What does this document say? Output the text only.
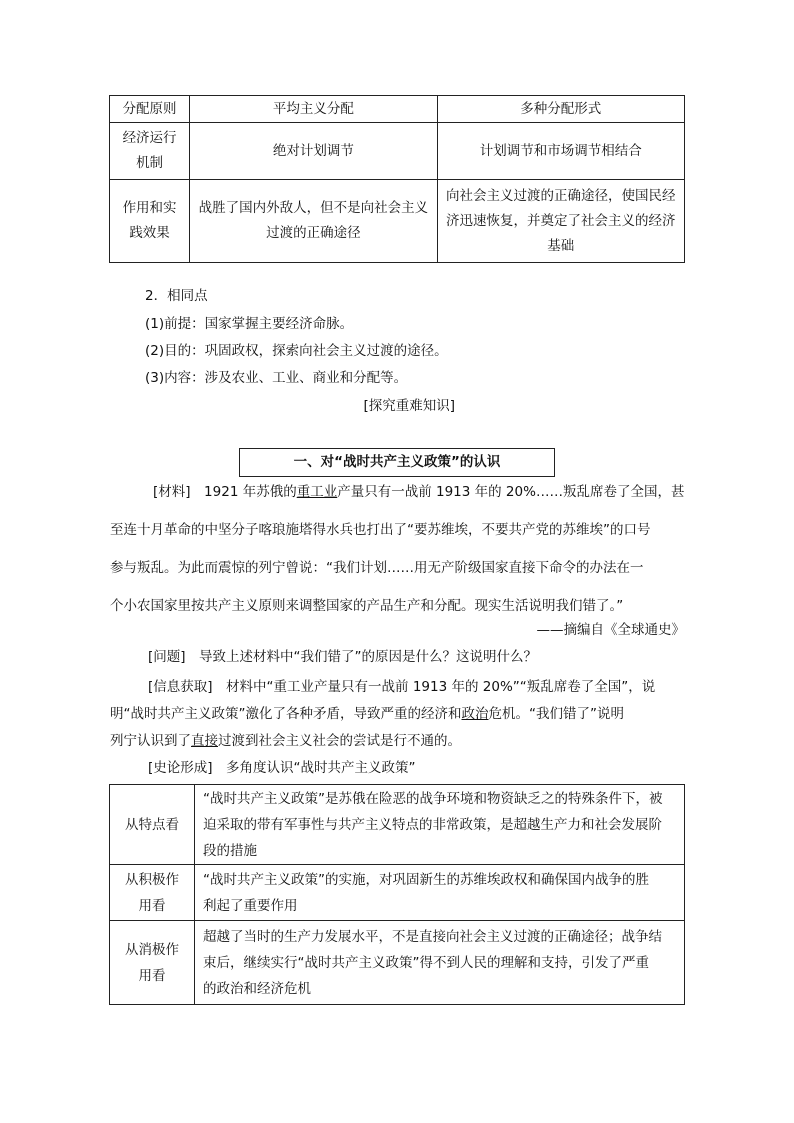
分配原则	平均主义分配	多种分配形式

经济运行
机制	绝对计划调节	计划调节和市场调节相结合

作用和实
践效果	战胜了国内外敌人，但不是向社会主义
过渡的正确途径	向社会主义过渡的正确途径，使国民经
济迅速恢复，并奠定了社会主义的经济
基础
2．相同点
(1)前提：国家掌握主要经济命脉。
(2)目的：巩固政权，探索向社会主义过渡的途径。
(3)内容：涉及农业、工业、商业和分配等。
[探究重难知识]
一、对“战时共产主义政策”的认识
[材料]　 1921 年苏俄的重工业产量只有一战前 1913 年的 20%……叛乱席卷了全国，甚
至连十月革命的中坚分子喀琅施塔得水兵也打出了“要苏维埃，不要共产党的苏维埃”的口号
参与叛乱。为此而震惊的列宁曾说：“我们计划……用无产阶级国家直接下命令的办法在一
个小农国家里按共产主义原则来调整国家的产品生产和分配。现实生活说明我们错了。”
——摘编自《全球通史》
[问题]　 导致上述材料中“我们错了”的原因是什么？这说明什么？
[信息获取]　 材料中“重工业产量只有一战前 1913 年的 20%”“叛乱席卷了全国”，说
明“战时共产主义政策”激化了各种矛盾，导致严重的经济和政治危机。“我们错了”说明
列宁认识到了直接过渡到社会主义社会的尝试是行不通的。
[史论形成]　 多角度认识“战时共产主义政策”
从特点看	“战时共产主义政策”是苏俄在险恶的战争环境和物资缺乏之的特殊条件下，被
迫采取的带有军事性与共产主义特点的非常政策，是超越生产力和社会发展阶
段的措施

从积极作
用看	“战时共产主义政策”的实施，对巩固新生的苏维埃政权和确保国内战争的胜
利起了重要作用

从消极作
用看	超越了当时的生产力发展水平，不是直接向社会主义过渡的正确途径；战争结
束后，继续实行“战时共产主义政策”得不到人民的理解和支持，引发了严重
的政治和经济危机
